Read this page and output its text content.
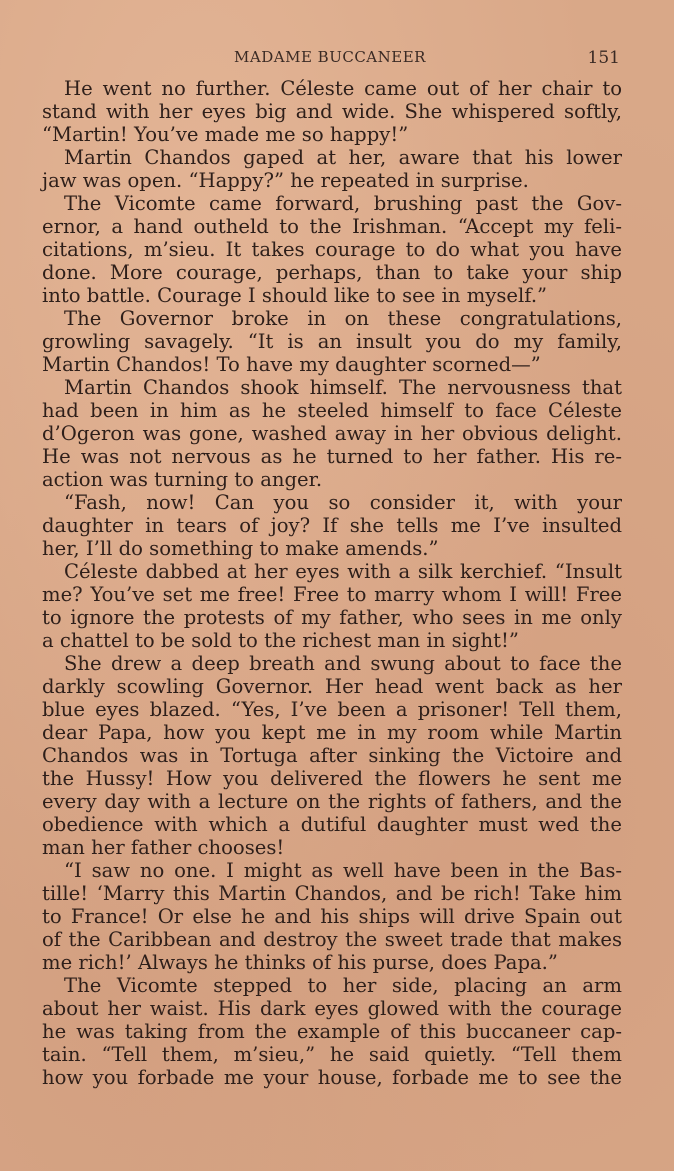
MADAME BUCCANEER	151
He went no further. Céleste came out of her chair to
stand with her eyes big and wide. She whispered softly,
“Martin! You’ve made me so happy!”
Martin Chandos gaped at her, aware that his lower
jaw was open. “Happy?” he repeated in surprise.
The Vicomte came forward, brushing past the Gov-
ernor, a hand outheld to the Irishman. “Accept my feli-
citations, m’sieu. It takes courage to do what you have
done. More courage, perhaps, than to take your ship
into battle. Courage I should like to see in myself.”
The Governor broke in on these congratulations,
growling savagely. “It is an insult you do my family,
Martin Chandos! To have my daughter scorned—”
Martin Chandos shook himself. The nervousness that
had been in him as he steeled himself to face Céleste
d’Ogeron was gone, washed away in her obvious delight.
He was not nervous as he turned to her father. His re-
action was turning to anger.
“Fash, now! Can you so consider it, with your
daughter in tears of joy? If she tells me I’ve insulted
her, I’ll do something to make amends.”
Céleste dabbed at her eyes with a silk kerchief. “Insult
me? You’ve set me free! Free to marry whom I will! Free
to ignore the protests of my father, who sees in me only
a chattel to be sold to the richest man in sight!”
She drew a deep breath and swung about to face the
darkly scowling Governor. Her head went back as her
blue eyes blazed. “Yes, I’ve been a prisoner! Tell them,
dear Papa, how you kept me in my room while Martin
Chandos was in Tortuga after sinking the Victoire and
the Hussy! How you delivered the flowers he sent me
every day with a lecture on the rights of fathers, and the
obedience with which a dutiful daughter must wed the
man her father chooses!
“I saw no one. I might as well have been in the Bas-
tille! ‘Marry this Martin Chandos, and be rich! Take him
to France! Or else he and his ships will drive Spain out
of the Caribbean and destroy the sweet trade that makes
me rich!’ Always he thinks of his purse, does Papa.”
The Vicomte stepped to her side, placing an arm
about her waist. His dark eyes glowed with the courage
he was taking from the example of this buccaneer cap-
tain. “Tell them, m’sieu,” he said quietly. “Tell them
how you forbade me your house, forbade me to see the
